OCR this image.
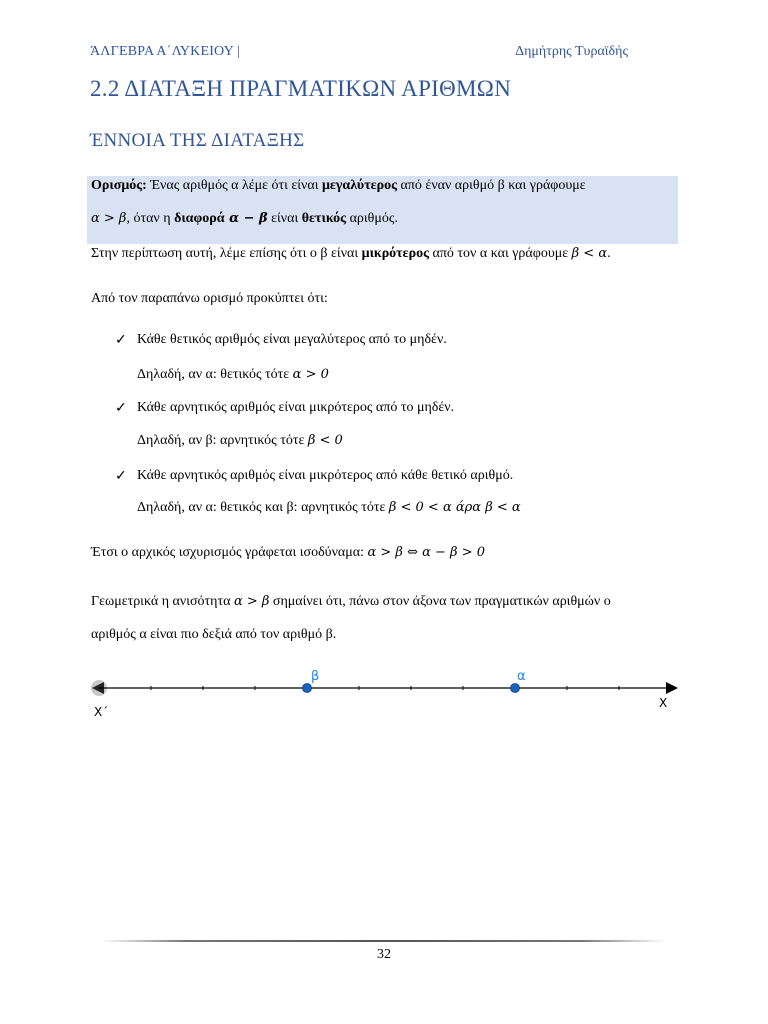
ΆΛΓΕΒΡΑ Α΄ΛΥΚΕΙΟΥ |	Δημήτρης Τυραϊδής
2.2 ΔΙΑΤΑΞΗ ΠΡΑΓΜΑΤΙΚΩΝ ΑΡΙΘΜΩΝ
ΈΝΝΟΙΑ ΤΗΣ ΔΙΑΤΑΞΗΣ
Ορισμός: Ένας αριθμός α λέμε ότι είναι μεγαλύτερος από έναν αριθμό β και γράφουμε
α > β, όταν η διαφορά α − β είναι θετικός αριθμός.
Στην περίπτωση αυτή, λέμε επίσης ότι ο β είναι μικρότερος από τον α και γράφουμε β < α.
Από τον παραπάνω ορισμό προκύπτει ότι:
✓ Κάθε θετικός αριθμός είναι μεγαλύτερος από το μηδέν.
Δηλαδή, αν α: θετικός τότε α > 0
✓ Κάθε αρνητικός αριθμός είναι μικρότερος από το μηδέν.
Δηλαδή, αν β: αρνητικός τότε β < 0
✓ Κάθε αρνητικός αριθμός είναι μικρότερος από κάθε θετικό αριθμό.
Δηλαδή, αν α: θετικός και β: αρνητικός τότε β < 0 < α άρα β < α
Έτσι ο αρχικός ισχυρισμός γράφεται ισοδύναμα: α > β ⇔ α − β > 0
Γεωμετρικά η ανισότητα α > β σημαίνει ότι, πάνω στον άξονα των πραγματικών αριθμών ο
αριθμός α είναι πιο δεξιά από τον αριθμό β.
β	α
X΄
X
32
